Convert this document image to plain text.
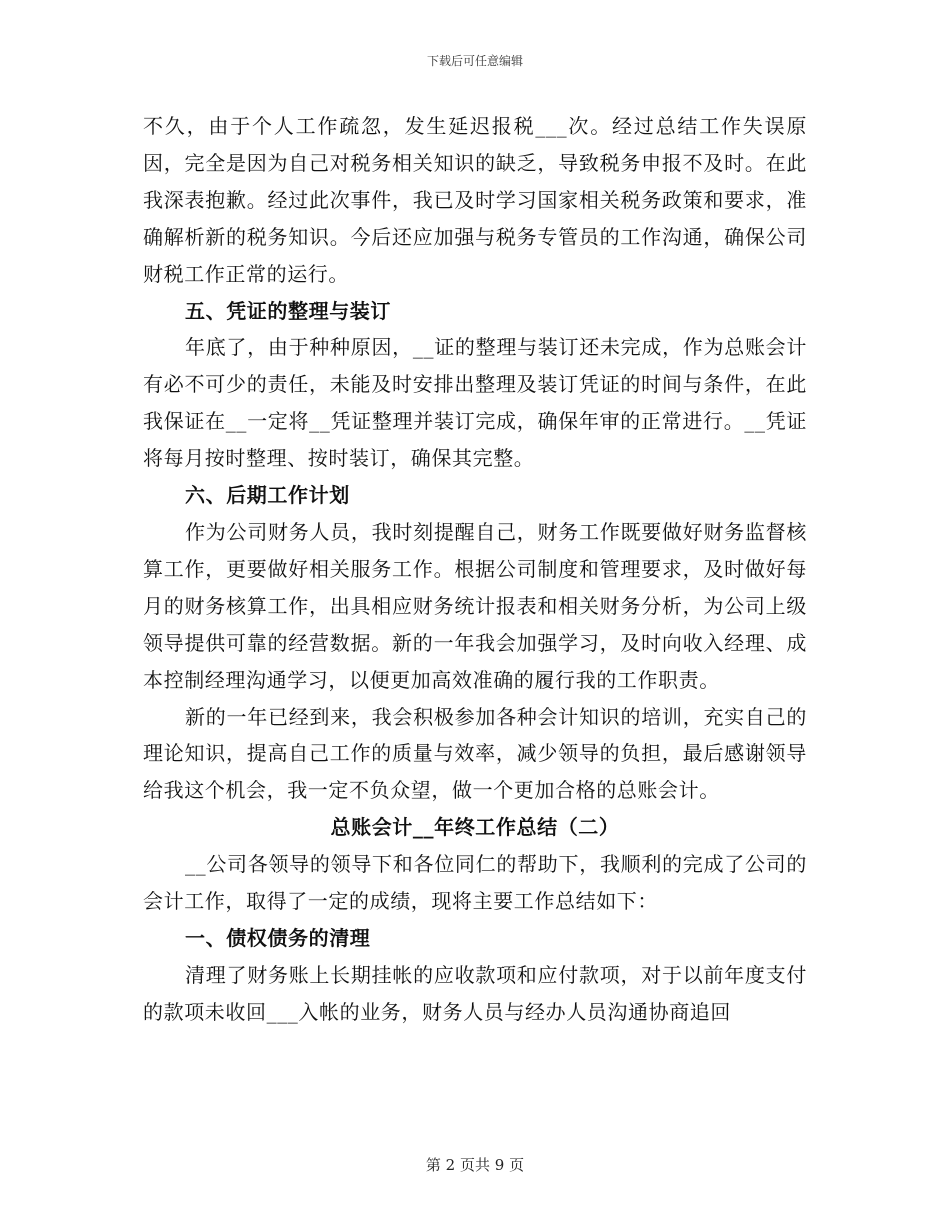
下载后可任意编辑

不久，由于个人工作疏忽，发生延迟报税___次。经过总结工作失误原因，完全是因为自己对税务相关知识的缺乏，导致税务申报不及时。在此我深表抱歉。经过此次事件，我已及时学习国家相关税务政策和要求，准确解析新的税务知识。今后还应加强与税务专管员的工作沟通，确保公司财税工作正常的运行。

五、凭证的整理与装订

年底了，由于种种原因，__证的整理与装订还未完成，作为总账会计有必不可少的责任，未能及时安排出整理及装订凭证的时间与条件，在此我保证在__一定将__凭证整理并装订完成，确保年审的正常进行。__凭证将每月按时整理、按时装订，确保其完整。

六、后期工作计划

作为公司财务人员，我时刻提醒自己，财务工作既要做好财务监督核算工作，更要做好相关服务工作。根据公司制度和管理要求，及时做好每月的财务核算工作，出具相应财务统计报表和相关财务分析，为公司上级领导提供可靠的经营数据。新的一年我会加强学习，及时向收入经理、成本控制经理沟通学习，以便更加高效准确的履行我的工作职责。

新的一年已经到来，我会积极参加各种会计知识的培训，充实自己的理论知识，提高自己工作的质量与效率，减少领导的负担，最后感谢领导给我这个机会，我一定不负众望，做一个更加合格的总账会计。

总账会计__年终工作总结（二）

__公司各领导的领导下和各位同仁的帮助下，我顺利的完成了公司的会计工作，取得了一定的成绩，现将主要工作总结如下：

一、债权债务的清理

清理了财务账上长期挂帐的应收款项和应付款项，对于以前年度支付的款项未收回___入帐的业务，财务人员与经办人员沟通协商追回

第 2 页共 9 页
